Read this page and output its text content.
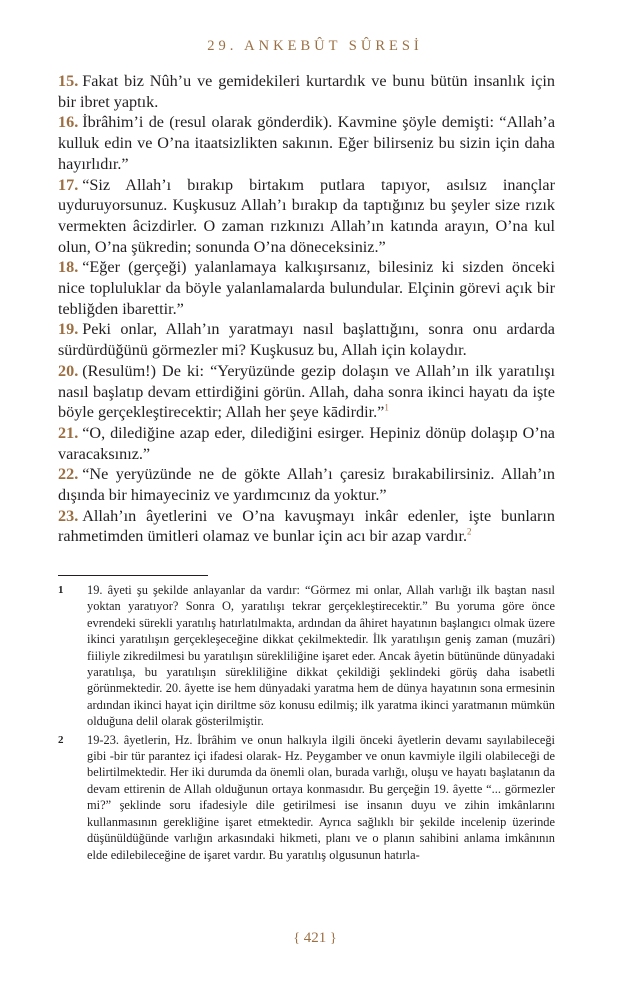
29. ANKEBÛT SÛRESİ

15. Fakat biz Nûh’u ve gemidekileri kurtardık ve bunu bütün insanlık için bir ibret yaptık.

16. İbrâhim’i de (resul olarak gönderdik). Kavmine şöyle demişti: “Allah’a kulluk edin ve O’na itaatsizlikten sakının. Eğer bilirseniz bu sizin için daha hayırlıdır.”

17. “Siz Allah’ı bırakıp birtakım putlara tapıyor, asılsız inançlar uyduruyorsunuz. Kuşkusuz Allah’ı bırakıp da taptığınız bu şeyler size rızık vermekten âcizdirler. O zaman rızkınızı Allah’ın katında arayın, O’na kul olun, O’na şükredin; sonunda O’na döneceksiniz.”

18. “Eğer (gerçeği) yalanlamaya kalkışırsanız, bilesiniz ki sizden önceki nice topluluklar da böyle yalanlamalarda bulundular. Elçinin görevi açık bir tebliğden ibarettir.”

19. Peki onlar, Allah’ın yaratmayı nasıl başlattığını, sonra onu ardarda sürdürdüğünü görmezler mi? Kuşkusuz bu, Allah için kolaydır.

20. (Resulüm!) De ki: “Yeryüzünde gezip dolaşın ve Allah’ın ilk yaratılışı nasıl başlatıp devam ettirdiğini görün. Allah, daha sonra ikinci hayatı da işte böyle gerçekleştirecektir; Allah her şeye kādirdir.”$^1$

21. “O, dilediğine azap eder, dilediğini esirger. Hepiniz dönüp dolaşıp O’na varacaksınız.”

22. “Ne yeryüzünde ne de gökte Allah’ı çaresiz bırakabilirsiniz. Allah’ın dışında bir himayeciniz ve yardımcınız da yoktur.”

23. Allah’ın âyetlerini ve O’na kavuşmayı inkâr edenler, işte bunların rahmetimden ümitleri olamaz ve bunlar için acı bir azap vardır.$^2$

1	19. âyeti şu şekilde anlayanlar da vardır: “Görmez mi onlar, Allah varlığı ilk baştan nasıl yoktan yaratıyor? Sonra O, yaratılışı tekrar gerçekleştirecektir.” Bu yoruma göre önce evrendeki sürekli yaratılış hatırlatılmakta, ardından da âhiret hayatının başlangıcı olmak üzere ikinci yaratılışın gerçekleşeceğine dikkat çekilmektedir. İlk yaratılışın geniş zaman (muzâri) fiiliyle zikredilmesi bu yaratılışın sürekliliğine işaret eder. Ancak âyetin bütününde dünyadaki yaratılışa, bu yaratılışın sürekliliğine dikkat çekildiği şeklindeki görüş daha isabetli görünmektedir. 20. âyette ise hem dünyadaki yaratma hem de dünya hayatının sona ermesinin ardından ikinci hayat için diriltme söz konusu edilmiş; ilk yaratma ikinci yaratmanın mümkün olduğuna delil olarak gösterilmiştir.
2	19-23. âyetlerin, Hz. İbrâhim ve onun halkıyla ilgili önceki âyetlerin devamı sayılabileceği gibi -bir tür parantez içi ifadesi olarak- Hz. Peygamber ve onun kavmiyle ilgili olabileceği de belirtilmektedir. Her iki durumda da önemli olan, burada varlığı, oluşu ve hayatı başlatanın da devam ettirenin de Allah olduğunun ortaya konmasıdır. Bu gerçeğin 19. âyette “... görmezler mi?” şeklinde soru ifadesiyle dile getirilmesi ise insanın duyu ve zihin imkânlarını kullanmasının gerekliğine işaret etmektedir. Ayrıca sağlıklı bir şekilde incelenip üzerinde düşünüldüğünde varlığın arkasındaki hikmeti, planı ve o planın sahibini anlama imkânının elde edilebileceğine de işaret vardır. Bu yaratılış olgusunun hatırla-
{ 421 }
